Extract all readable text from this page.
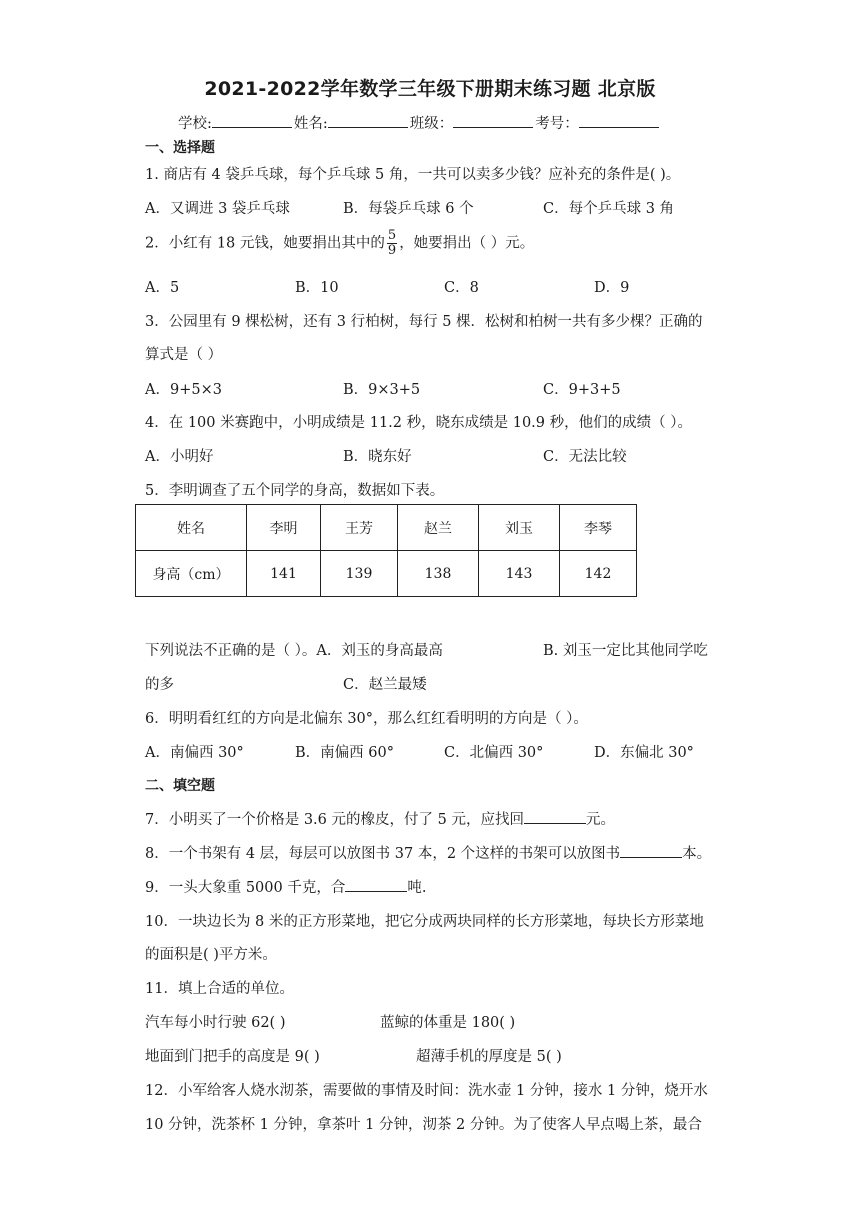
2021-2022学年数学三年级下册期末练习题 北京版
学校:	姓名:	班级：	考号：
一、选择题
1. 商店有 4 袋乒乓球，每个乒乓球 5 角，一共可以卖多少钱？应补充的条件是( )。
A．又调进 3 袋乒乓球	B．每袋乒乓球 6 个	C．每个乒乓球 3 角
2．小红有 18 元钱，她要捐出其中的 $\frac{5}{9}$ ，她要捐出（ ）元。
A．5	B．10	C．8	D．9
3．公园里有 9 棵松树，还有 3 行柏树，每行 5 棵．松树和柏树一共有多少棵？正确的
算式是（ ）
A．9+5×3	B．9×3+5	C．9+3+5
4．在 100 米赛跑中，小明成绩是 11.2 秒，晓东成绩是 10.9 秒，他们的成绩（ ）。
A．小明好	B．晓东好	C．无法比较
5．李明调查了五个同学的身高，数据如下表。
姓名	李明	王芳	赵兰	刘玉	李琴
身高（cm）	141	139	138	143	142
下列说法不正确的是（ ）。A．刘玉的身高最高	B. 刘玉一定比其他同学吃
的多	C．赵兰最矮
6．明明看红红的方向是北偏东 30°，那么红红看明明的方向是（ ）。
A．南偏西 30°	B．南偏西 60°	C．北偏西 30°	D．东偏北 30°
二、填空题
7．小明买了一个价格是 3.6 元的橡皮，付了 5 元，应找回	元。
8．一个书架有 4 层，每层可以放图书 37 本，2 个这样的书架可以放图书	本。
9．一头大象重 5000 千克，合	吨.
10．一块边长为 8 米的正方形菜地，把它分成两块同样的长方形菜地，每块长方形菜地
的面积是( )平方米。
11．填上合适的单位。
汽车每小时行驶 62( )	蓝鲸的体重是 180( )
地面到门把手的高度是 9( )	超薄手机的厚度是 5( )
12．小军给客人烧水沏茶，需要做的事情及时间：洗水壶 1 分钟，接水 1 分钟，烧开水
10 分钟，洗茶杯 1 分钟，拿茶叶 1 分钟，沏茶 2 分钟。为了使客人早点喝上茶，最合
